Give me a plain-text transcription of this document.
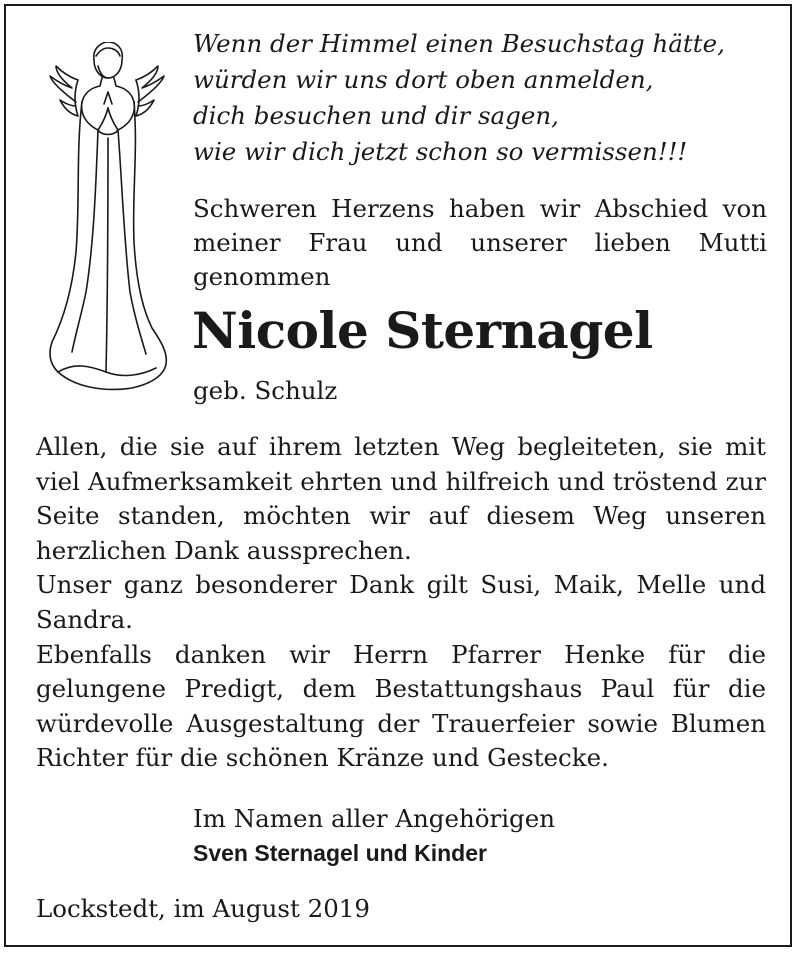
Wenn der Himmel einen Besuchstag hätte,
würden wir uns dort oben anmelden,
dich besuchen und dir sagen,
wie wir dich jetzt schon so vermissen!!!
Schweren Herzens haben wir Abschied von meiner Frau und unserer lieben Mutti genommen
Nicole Sternagel
geb. Schulz

Allen, die sie auf ihrem letzten Weg begleiteten, sie mit viel Aufmerksamkeit ehrten und hilfreich und tröstend zur Seite standen, möchten wir auf diesem Weg unseren herzlichen Dank aussprechen.

Unser ganz besonderer Dank gilt Susi, Maik, Melle und Sandra.

Ebenfalls danken wir Herrn Pfarrer Henke für die gelungene Predigt, dem Bestattungshaus Paul für die würdevolle Ausgestaltung der Trauerfeier sowie Blumen Richter für die schönen Kränze und Gestecke.

Im Namen aller Angehörigen
Sven Sternagel und Kinder
Lockstedt, im August 2019
